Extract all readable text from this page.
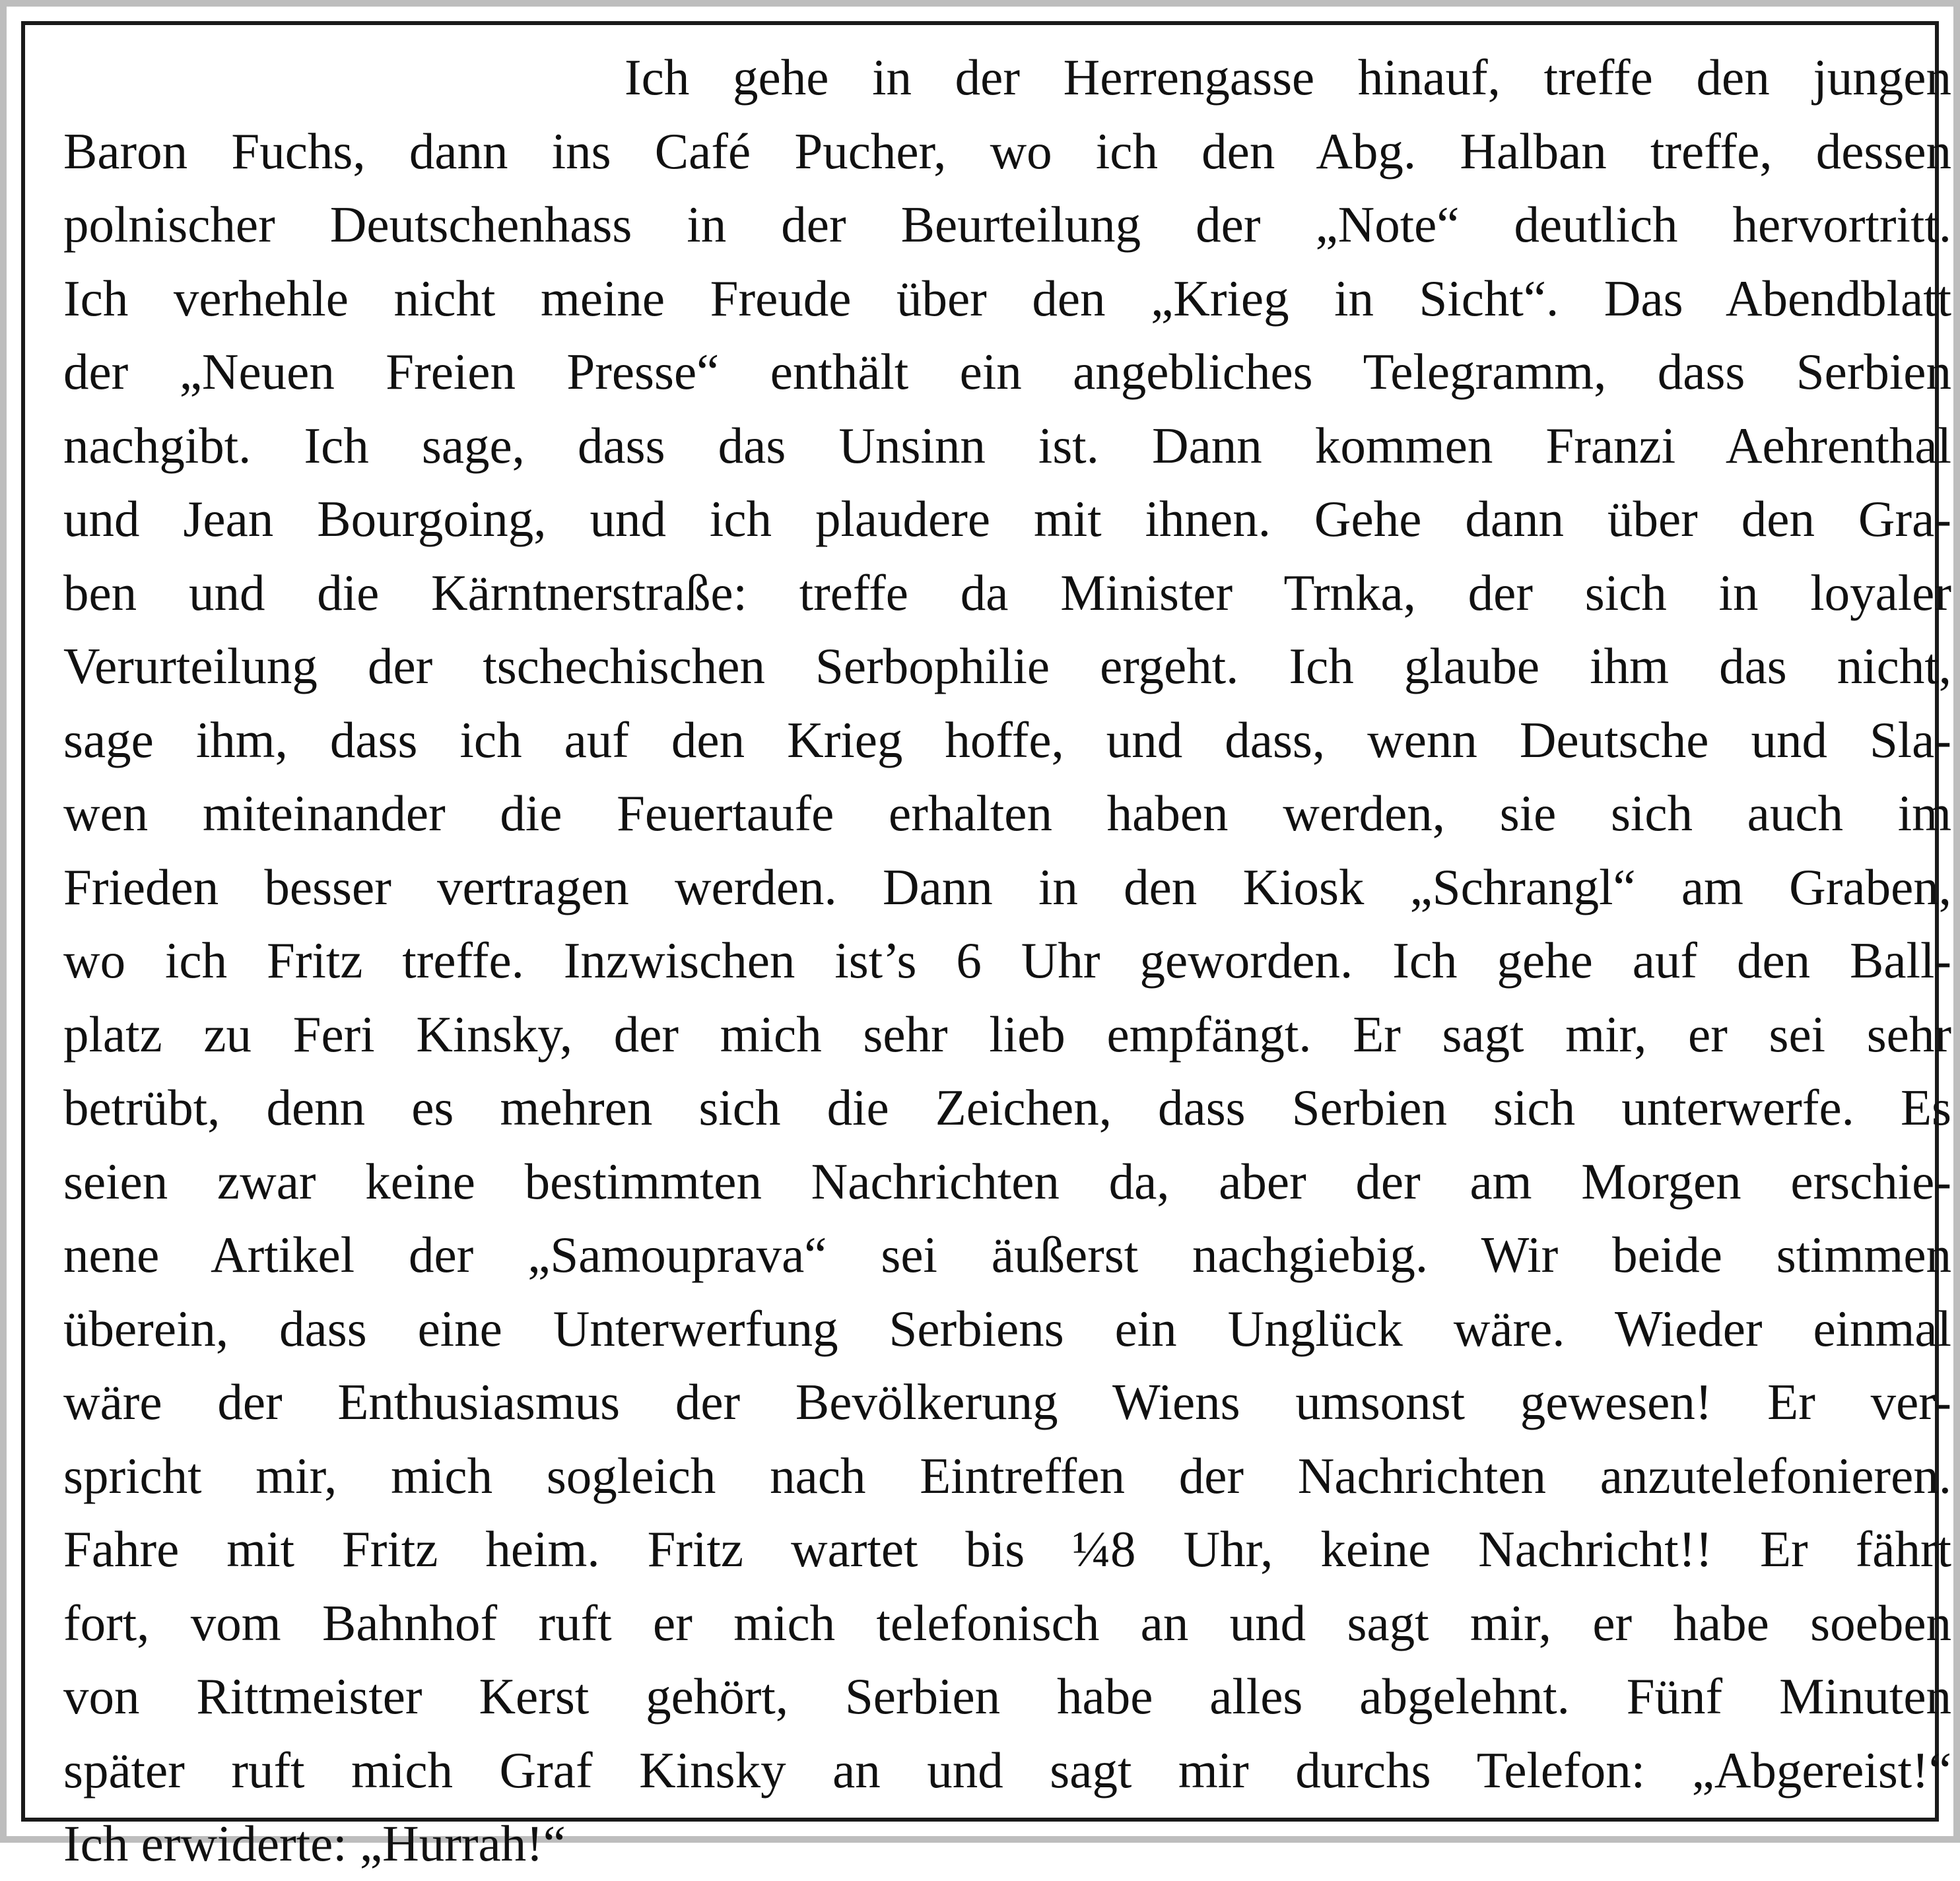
Ich gehe in der Herrengasse hinauf, treffe den jungen
Baron Fuchs, dann ins Café Pucher, wo ich den Abg. Halban treffe, dessen
polnischer Deutschenhass in der Beurteilung der „Note“ deutlich hervortritt.
Ich verhehle nicht meine Freude über den „Krieg in Sicht“. Das Abendblatt
der „Neuen Freien Presse“ enthält ein angebliches Telegramm, dass Serbien
nachgibt. Ich sage, dass das Unsinn ist. Dann kommen Franzi Aehrenthal
und Jean Bourgoing, und ich plaudere mit ihnen. Gehe dann über den Gra-
ben und die Kärntnerstraße: treffe da Minister Trnka, der sich in loyaler
Verurteilung der tschechischen Serbophilie ergeht. Ich glaube ihm das nicht,
sage ihm, dass ich auf den Krieg hoffe, und dass, wenn Deutsche und Sla-
wen miteinander die Feuertaufe erhalten haben werden, sie sich auch im
Frieden besser vertragen werden. Dann in den Kiosk „Schrangl“ am Graben,
wo ich Fritz treffe. Inzwischen ist’s 6 Uhr geworden. Ich gehe auf den Ball-
platz zu Feri Kinsky, der mich sehr lieb empfängt. Er sagt mir, er sei sehr
betrübt, denn es mehren sich die Zeichen, dass Serbien sich unterwerfe. Es
seien zwar keine bestimmten Nachrichten da, aber der am Morgen erschie-
nene Artikel der „Samouprava“ sei äußerst nachgiebig. Wir beide stimmen
überein, dass eine Unterwerfung Serbiens ein Unglück wäre. Wieder einmal
wäre der Enthusiasmus der Bevölkerung Wiens umsonst gewesen! Er ver-
spricht mir, mich sogleich nach Eintreffen der Nachrichten anzutelefonieren.
Fahre mit Fritz heim. Fritz wartet bis ¼8 Uhr, keine Nachricht!! Er fährt
fort, vom Bahnhof ruft er mich telefonisch an und sagt mir, er habe soeben
von Rittmeister Kerst gehört, Serbien habe alles abgelehnt. Fünf Minuten
später ruft mich Graf Kinsky an und sagt mir durchs Telefon: „Abgereist!“
Ich erwiderte: „Hurrah!“
